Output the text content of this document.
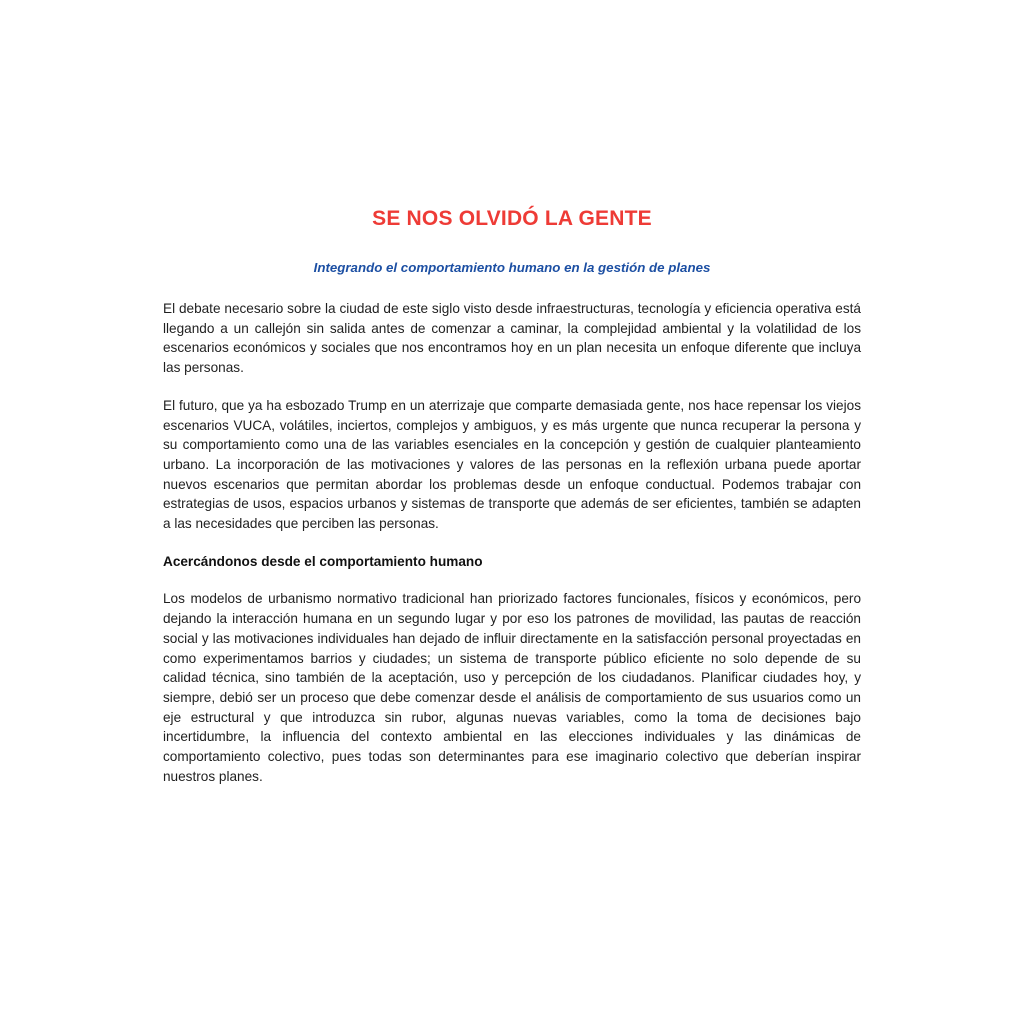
SE NOS OLVIDÓ LA GENTE
Integrando el comportamiento humano en la gestión de planes

El debate necesario sobre la ciudad de este siglo visto desde infraestructuras, tecnología y eficiencia operativa está llegando a un callejón sin salida antes de comenzar a caminar, la complejidad ambiental y la volatilidad de los escenarios económicos y sociales que nos encontramos hoy en un plan necesita un enfoque diferente que incluya las personas.

El futuro, que ya ha esbozado Trump en un aterrizaje que comparte demasiada gente, nos hace repensar los viejos escenarios VUCA, volátiles, inciertos, complejos y ambiguos, y es más urgente que nunca recuperar la persona y su comportamiento como una de las variables esenciales en la concepción y gestión de cualquier planteamiento urbano. La incorporación de las motivaciones y valores de las personas en la reflexión urbana puede aportar nuevos escenarios que permitan abordar los problemas desde un enfoque conductual. Podemos trabajar con estrategias de usos, espacios urbanos y sistemas de transporte que además de ser eficientes, también se adapten a las necesidades que perciben las personas.

Acercándonos desde el comportamiento humano

Los modelos de urbanismo normativo tradicional han priorizado factores funcionales, físicos y económicos, pero dejando la interacción humana en un segundo lugar y por eso los patrones de movilidad, las pautas de reacción social y las motivaciones individuales han dejado de influir directamente en la satisfacción personal proyectadas en como experimentamos barrios y ciudades; un sistema de transporte público eficiente no solo depende de su calidad técnica, sino también de la aceptación, uso y percepción de los ciudadanos. Planificar ciudades hoy, y siempre, debió ser un proceso que debe comenzar desde el análisis de comportamiento de sus usuarios como un eje estructural y que introduzca sin rubor, algunas nuevas variables, como la toma de decisiones bajo incertidumbre, la influencia del contexto ambiental en las elecciones individuales y las dinámicas de comportamiento colectivo, pues todas son determinantes para ese imaginario colectivo que deberían inspirar nuestros planes.
